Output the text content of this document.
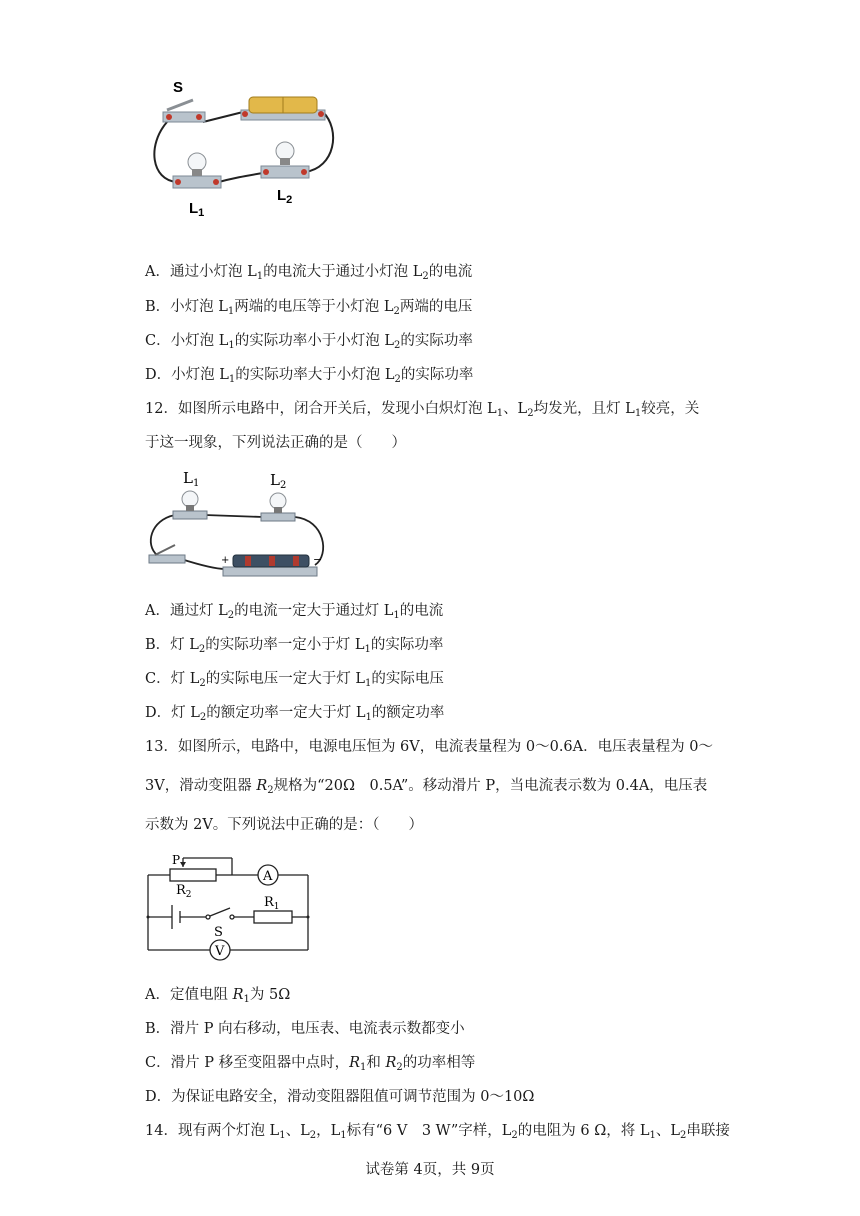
S
$L_1$
$L_2$
A．通过小灯泡 $L_1$的电流大于通过小灯泡 $L_2$的电流
B．小灯泡 $L_1$两端的电压等于小灯泡 $L_2$两端的电压
C．小灯泡 $L_1$的实际功率小于小灯泡 $L_2$的实际功率
D．小灯泡 $L_1$的实际功率大于小灯泡 $L_2$的实际功率
12．如图所示电路中，闭合开关后，发现小白炽灯泡 $L_1$、$L_2$均发光，且灯 $L_1$较亮，关
于这一现象，下列说法正确的是（　　）
$L_1$	$L_2$
+	−
A．通过灯 $L_2$的电流一定大于通过灯 $L_1$的电流
B．灯 $L_2$的实际功率一定小于灯 $L_1$的实际功率
C．灯 $L_2$的实际电压一定大于灯 $L_1$的实际电压
D．灯 $L_2$的额定功率一定大于灯 $L_1$的额定功率
13．如图所示，电路中，电源电压恒为 6V，电流表量程为 0～0.6A．电压表量程为 0～
3V，滑动变阻器 $R_2$规格为“20Ω　0.5A”。移动滑片 P，当电流表示数为 0.4A，电压表
示数为 2V。下列说法中正确的是：（　　）
P
$R_2$	$R_1$
S
A
V
A．定值电阻 $R_1$为 5Ω
B．滑片 P 向右移动，电压表、电流表示数都变小
C．滑片 P 移至变阻器中点时，$R_1$和 $R_2$的功率相等
D．为保证电路安全，滑动变阻器阻值可调节范围为 0～10Ω
14．现有两个灯泡 $L_1$、$L_2$，$L_1$标有“6 V　3 W”字样，$L_2$的电阻为 6 Ω，将 $L_1$、$L_2$串联接
试卷第 4页，共 9页
